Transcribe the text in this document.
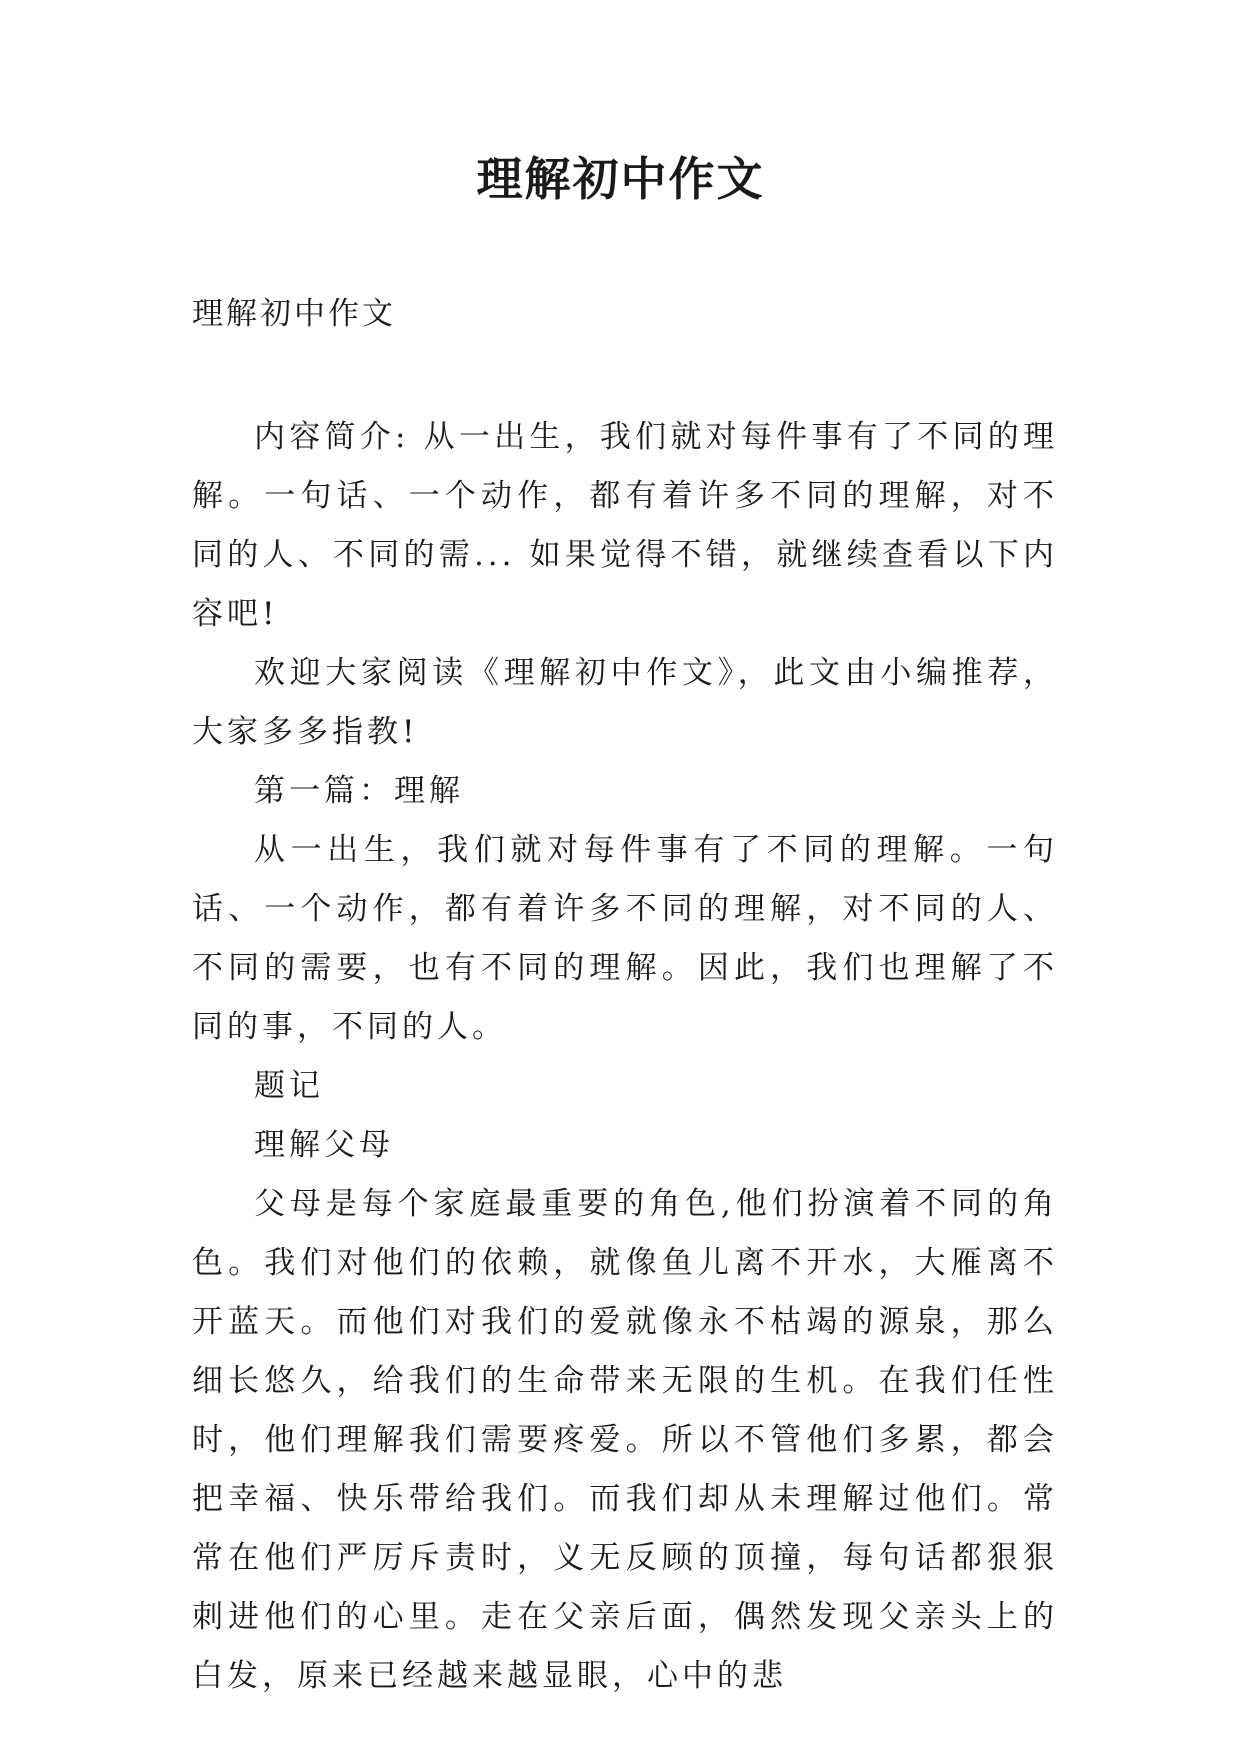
理解初中作文

理解初中作文

内容简介: 从一出生，我们就对每件事有了不同的理解。一句话、一个动作，都有着许多不同的理解，对不同的人、不同的需... 如果觉得不错，就继续查看以下内容吧!

欢迎大家阅读《理解初中作文》，此文由小编推荐，大家多多指教!

第一篇：理解

从一出生，我们就对每件事有了不同的理解。一句话、一个动作，都有着许多不同的理解，对不同的人、不同的需要，也有不同的理解。因此，我们也理解了不同的事，不同的人。

题记

理解父母

父母是每个家庭最重要的角色,他们扮演着不同的角色。我们对他们的依赖，就像鱼儿离不开水，大雁离不开蓝天。而他们对我们的爱就像永不枯竭的源泉，那么细长悠久，给我们的生命带来无限的生机。在我们任性时，他们理解我们需要疼爱。所以不管他们多累，都会把幸福、快乐带给我们。而我们却从未理解过他们。常常在他们严厉斥责时，义无反顾的顶撞，每句话都狠狠刺进他们的心里。走在父亲后面，偶然发现父亲头上的白发，原来已经越来越显眼，心中的悲
